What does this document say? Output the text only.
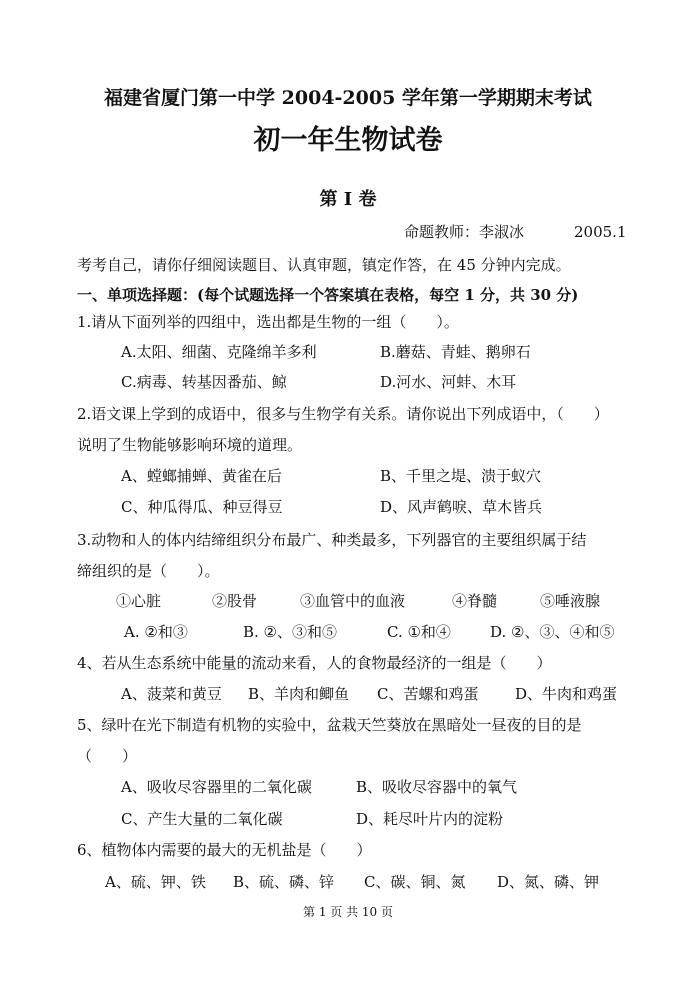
福建省厦门第一中学 2004-2005 学年第一学期期末考试
初一年生物试卷
第 I 卷
命题教师：李淑冰	2005.1
考考自己，请你仔细阅读题目、认真审题，镇定作答，在 45 分钟内完成。
一、单项选择题：(每个试题选择一个答案填在表格，每空 1 分，共 30 分)
1.请从下面列举的四组中，选出都是生物的一组（　　）。
A.太阳、细菌、克隆绵羊多利	B.蘑菇、青蛙、鹅卵石
C.病毒、转基因番茄、鲸	D.河水、河蚌、木耳
2.语文课上学到的成语中，很多与生物学有关系。请你说出下列成语中，（　　）
说明了生物能够影响环境的道理。
A、螳螂捕蝉、黄雀在后	B、千里之堤、溃于蚁穴
C、种瓜得瓜、种豆得豆	D、风声鹤唳、草木皆兵
3.动物和人的体内结缔组织分布最广、种类最多，下列器官的主要组织属于结
缔组织的是（　　）。
①心脏	②股骨	③血管中的血液	④脊髓	⑤唾液腺
A. ②和③	B. ②、③和⑤	C. ①和④	D. ②、③、④和⑤
4、若从生态系统中能量的流动来看，人的食物最经济的一组是（　　）
A、菠菜和黄豆 B、羊肉和鲫鱼 C、苦螺和鸡蛋 D、牛肉和鸡蛋
5、绿叶在光下制造有机物的实验中，盆栽天竺葵放在黑暗处一昼夜的目的是
（　　）
A、吸收尽容器里的二氧化碳	B、吸收尽容器中的氧气
C、产生大量的二氧化碳	D、耗尽叶片内的淀粉
6、植物体内需要的最大的无机盐是（　　）
A、硫、钾、铁 B、硫、磷、锌 C、碳、铜、氮 D、氮、磷、钾
第 1 页 共 10 页
